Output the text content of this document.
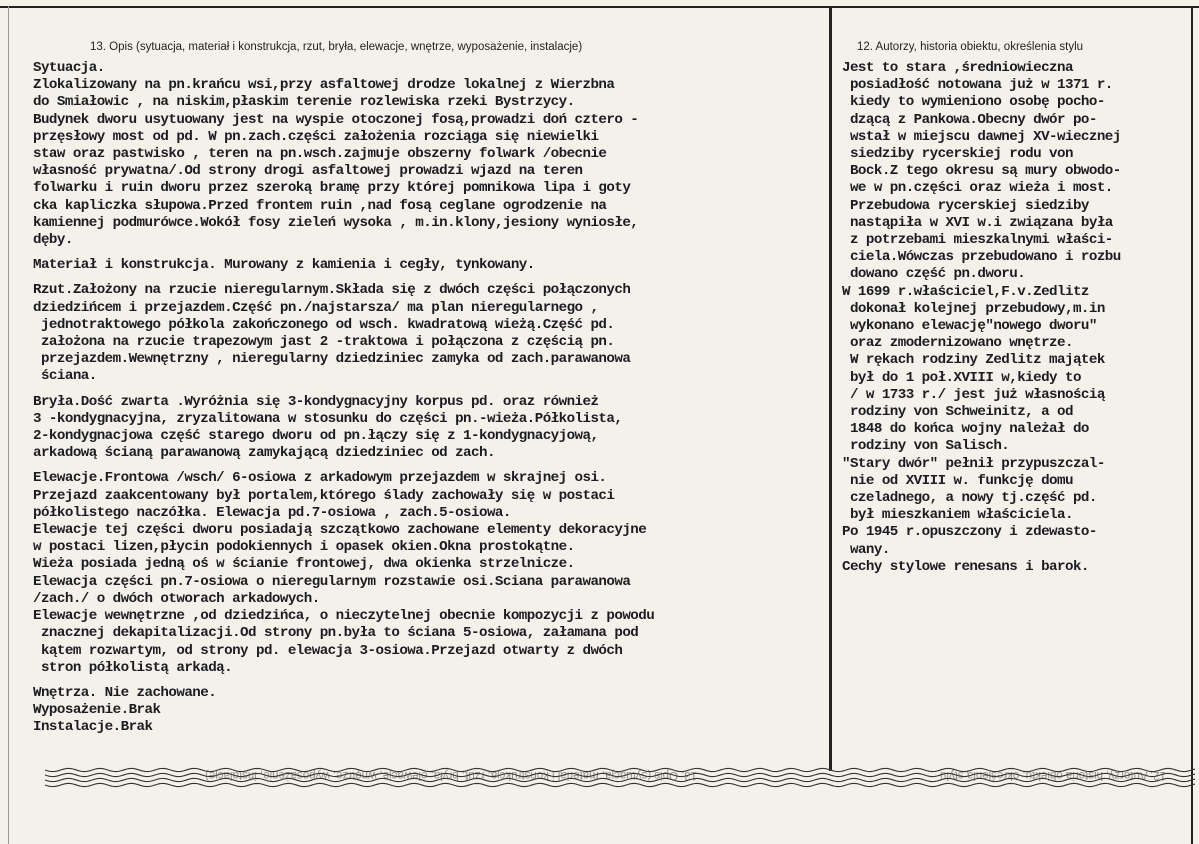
13. Opis (sytuacja, materiał i konstrukcja, rzut, bryła, elewacje, wnętrze, wyposażenie, instalacje)	12. Autorzy, historia obiektu, określenia stylu
Sytuacja.
Zlokalizowany na pn.krańcu wsi,przy asfaltowej drodze lokalnej z Wierzbna
do Smiałowic , na niskim,płaskim terenie rozlewiska rzeki Bystrzycy.
Budynek dworu usytuowany jest na wyspie otoczonej fosą,prowadzi doń cztero -
przęsłowy most od pd. W pn.zach.części założenia rozciąga się niewielki
staw oraz pastwisko , teren na pn.wsch.zajmuje obszerny folwark /obecnie
własność prywatna/.Od strony drogi asfaltowej prowadzi wjazd na teren
folwarku i ruin dworu przez szeroką bramę przy której pomnikowa lipa i goty
cka kapliczka słupowa.Przed frontem ruin ,nad fosą ceglane ogrodzenie na
kamiennej podmurówce.Wokół fosy zieleń wysoka , m.in.klony,jesiony wyniosłe,
dęby.
Materiał i konstrukcja. Murowany z kamienia i cegły, tynkowany.
Rzut.Założony na rzucie nieregularnym.Składa się z dwóch części połączonych
dziedzińcem i przejazdem.Część pn./najstarsza/ ma plan nieregularnego ,
jednotraktowego półkola zakończonego od wsch. kwadratową wieżą.Część pd.
założona na rzucie trapezowym jast 2 -traktowa i połączona z częścią pn.
przejazdem.Wewnętrzny , nieregularny dziedziniec zamyka od zach.parawanowa
ściana.
Bryła.Dość zwarta .Wyróżnia się 3-kondygnacyjny korpus pd. oraz również
3 -kondygnacyjna, zryzalitowana w stosunku do części pn.-wieża.Półkolista,
2-kondygnacjowa część starego dworu od pn.łączy się z 1-kondygnacyjową,
arkadową ścianą parawanową zamykającą dziedziniec od zach.
Elewacje.Frontowa /wsch/ 6-osiowa z arkadowym przejazdem w skrajnej osi.
Przejazd zaakcentowany był portalem,którego ślady zachowały się w postaci
półkolistego naczółka. Elewacja pd.7-osiowa , zach.5-osiowa.
Elewacje tej części dworu posiadają szczątkowo zachowane elementy dekoracyjne
w postaci lizen,płycin podokiennych i opasek okien.Okna prostokątne.
Wieża posiada jedną oś w ścianie frontowej, dwa okienka strzelnicze.
Elewacja części pn.7-osiowa o nieregularnym rozstawie osi.Sciana parawanowa
/zach./ o dwóch otworach arkadowych.
Elewacje wewnętrzne ,od dziedzińca, o nieczytelnej obecnie kompozycji z powodu
znacznej dekapitalizacji.Od strony pn.była to ściana 5-osiowa, załamana pod
kątem rozwartym, od strony pd. elewacja 3-osiowa.Przejazd otwarty z dwóch
stron półkolistą arkadą.
Wnętrza. Nie zachowane.
Wyposażenie.Brak
Instalacje.Brak
Jest to stara ,średniowieczna
posiadłość notowana już w 1371 r.
kiedy to wymieniono osobę pocho-
dzącą z Pankowa.Obecny dwór po-
wstał w miejscu dawnej XV-wiecznej
siedziby rycerskiej rodu von
Bock.Z tego okresu są mury obwodo-
we w pn.części oraz wieża i most.
Przebudowa rycerskiej siedziby
nastąpiła w XVI w.i związana była
z potrzebami mieszkalnymi właści-
ciela.Wówczas przebudowano i rozbu
dowano część pn.dworu.
W 1699 r.właściciel,F.v.Zedlitz
dokonał kolejnej przebudowy,m.in
wykonano elewację"nowego dworu"
oraz zmodernizowano wnętrze.
W rękach rodziny Zedlitz majątek
był do 1 poł.XVIII w,kiedy to
/ w 1733 r./ jest już własnością
rodziny von Schweinitz, a od
1848 do końca wojny należał do
rodziny von Salisch.
"Stary dwór" pełnił przypuszczal-
nie od XVIII w. funkcję domu
czeladnego, a nowy tj.część pd.
był mieszkaniem właściciela.
Po 1945 r.opuszczony i zdewasto-
wany.
Cechy stylowe renesans i barok.
13. Opis (sytuacja, materiał i konstrukcja, rzut, bryła, elewacje, wnętrze, wyposażenie, instalacje)	12. Autorzy, historia obiektu, określenia stylu
